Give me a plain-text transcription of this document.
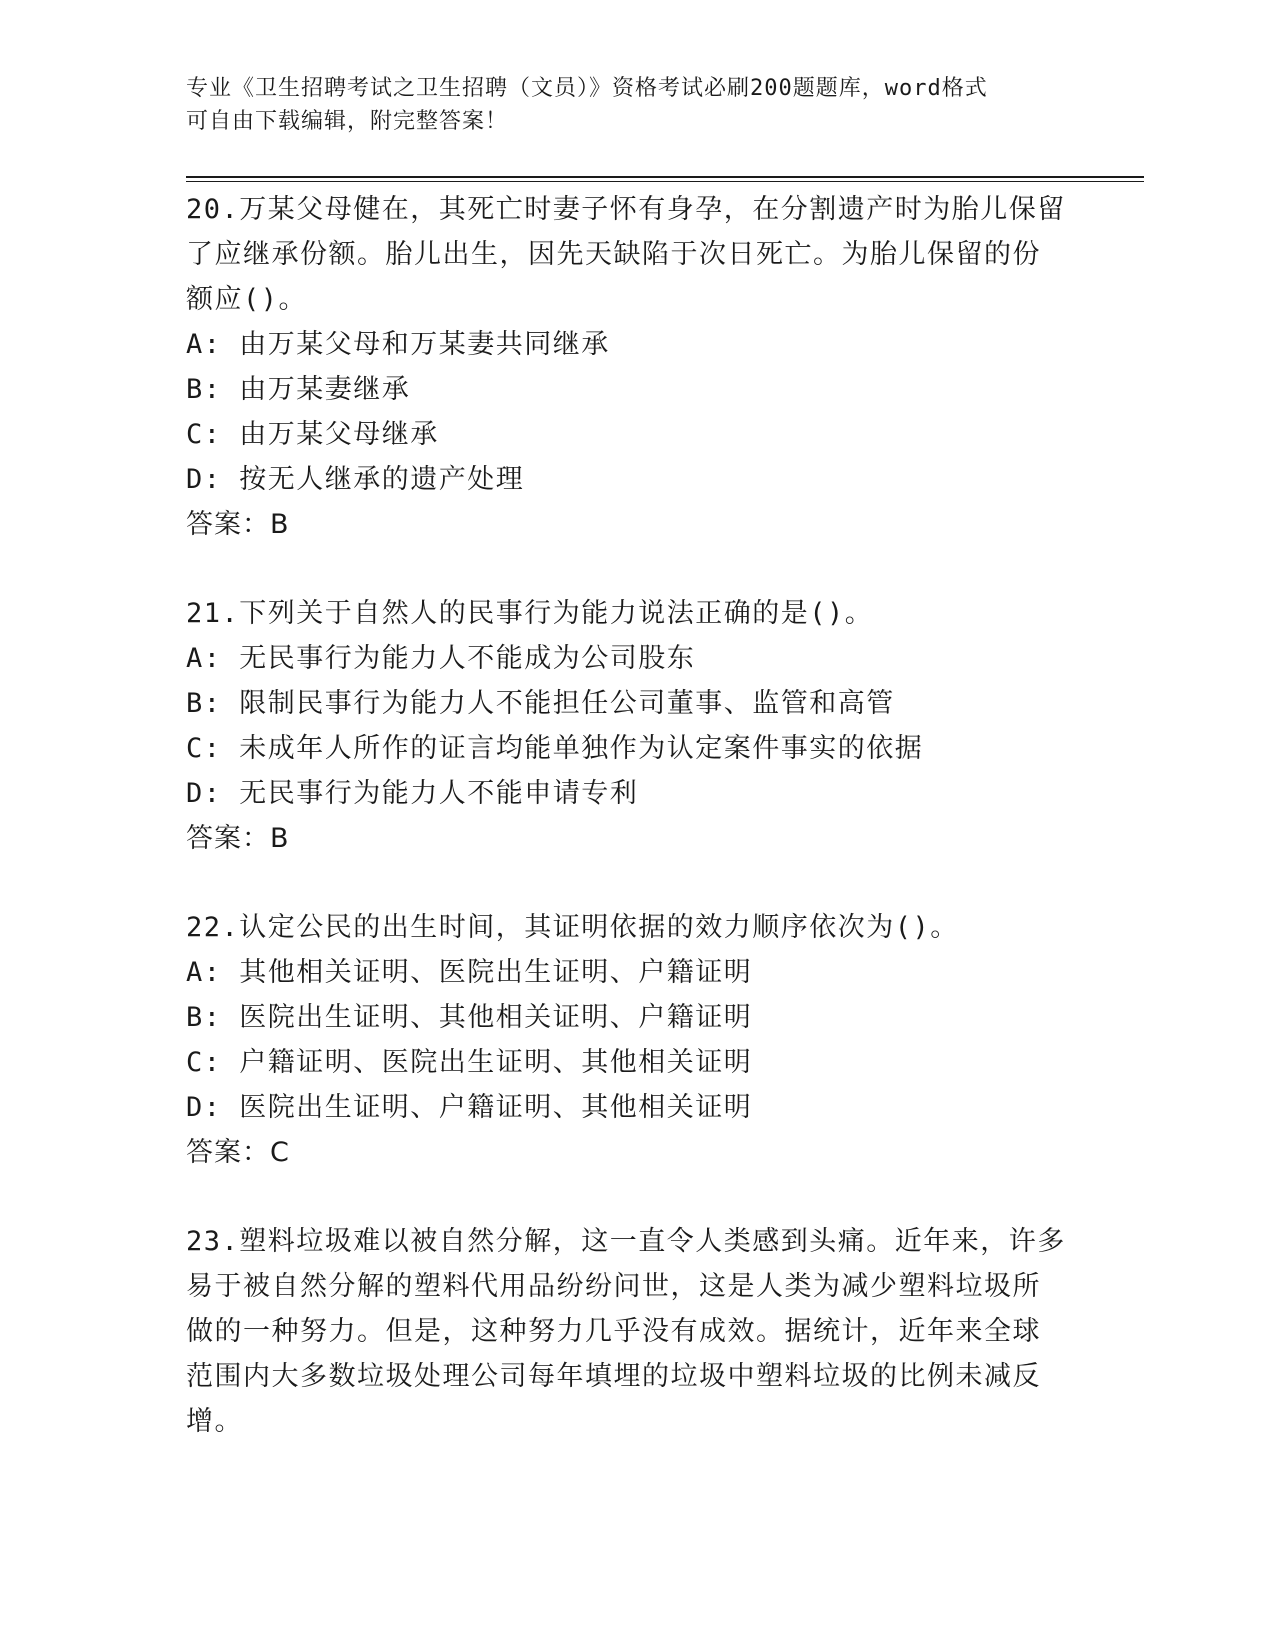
专业《卫生招聘考试之卫生招聘（文员）》资格考试必刷200题题库，word格式
可自由下载编辑，附完整答案！

20.万某父母健在，其死亡时妻子怀有身孕，在分割遗产时为胎儿保留了应继承份额。胎儿出生，因先天缺陷于次日死亡。为胎儿保留的份额应()。

A: 由万某父母和万某妻共同继承

B: 由万某妻继承

C: 由万某父母继承

D: 按无人继承的遗产处理

答案：B

21.下列关于自然人的民事行为能力说法正确的是()。

A: 无民事行为能力人不能成为公司股东

B: 限制民事行为能力人不能担任公司董事、监管和高管

C: 未成年人所作的证言均能单独作为认定案件事实的依据

D: 无民事行为能力人不能申请专利

答案：B

22.认定公民的出生时间，其证明依据的效力顺序依次为()。

A: 其他相关证明、医院出生证明、户籍证明

B: 医院出生证明、其他相关证明、户籍证明

C: 户籍证明、医院出生证明、其他相关证明

D: 医院出生证明、户籍证明、其他相关证明

答案：C

23.塑料垃圾难以被自然分解，这一直令人类感到头痛。近年来，许多易于被自然分解的塑料代用品纷纷问世，这是人类为减少塑料垃圾所做的一种努力。但是，这种努力几乎没有成效。据统计，近年来全球范围内大多数垃圾处理公司每年填埋的垃圾中塑料垃圾的比例未减反增。
